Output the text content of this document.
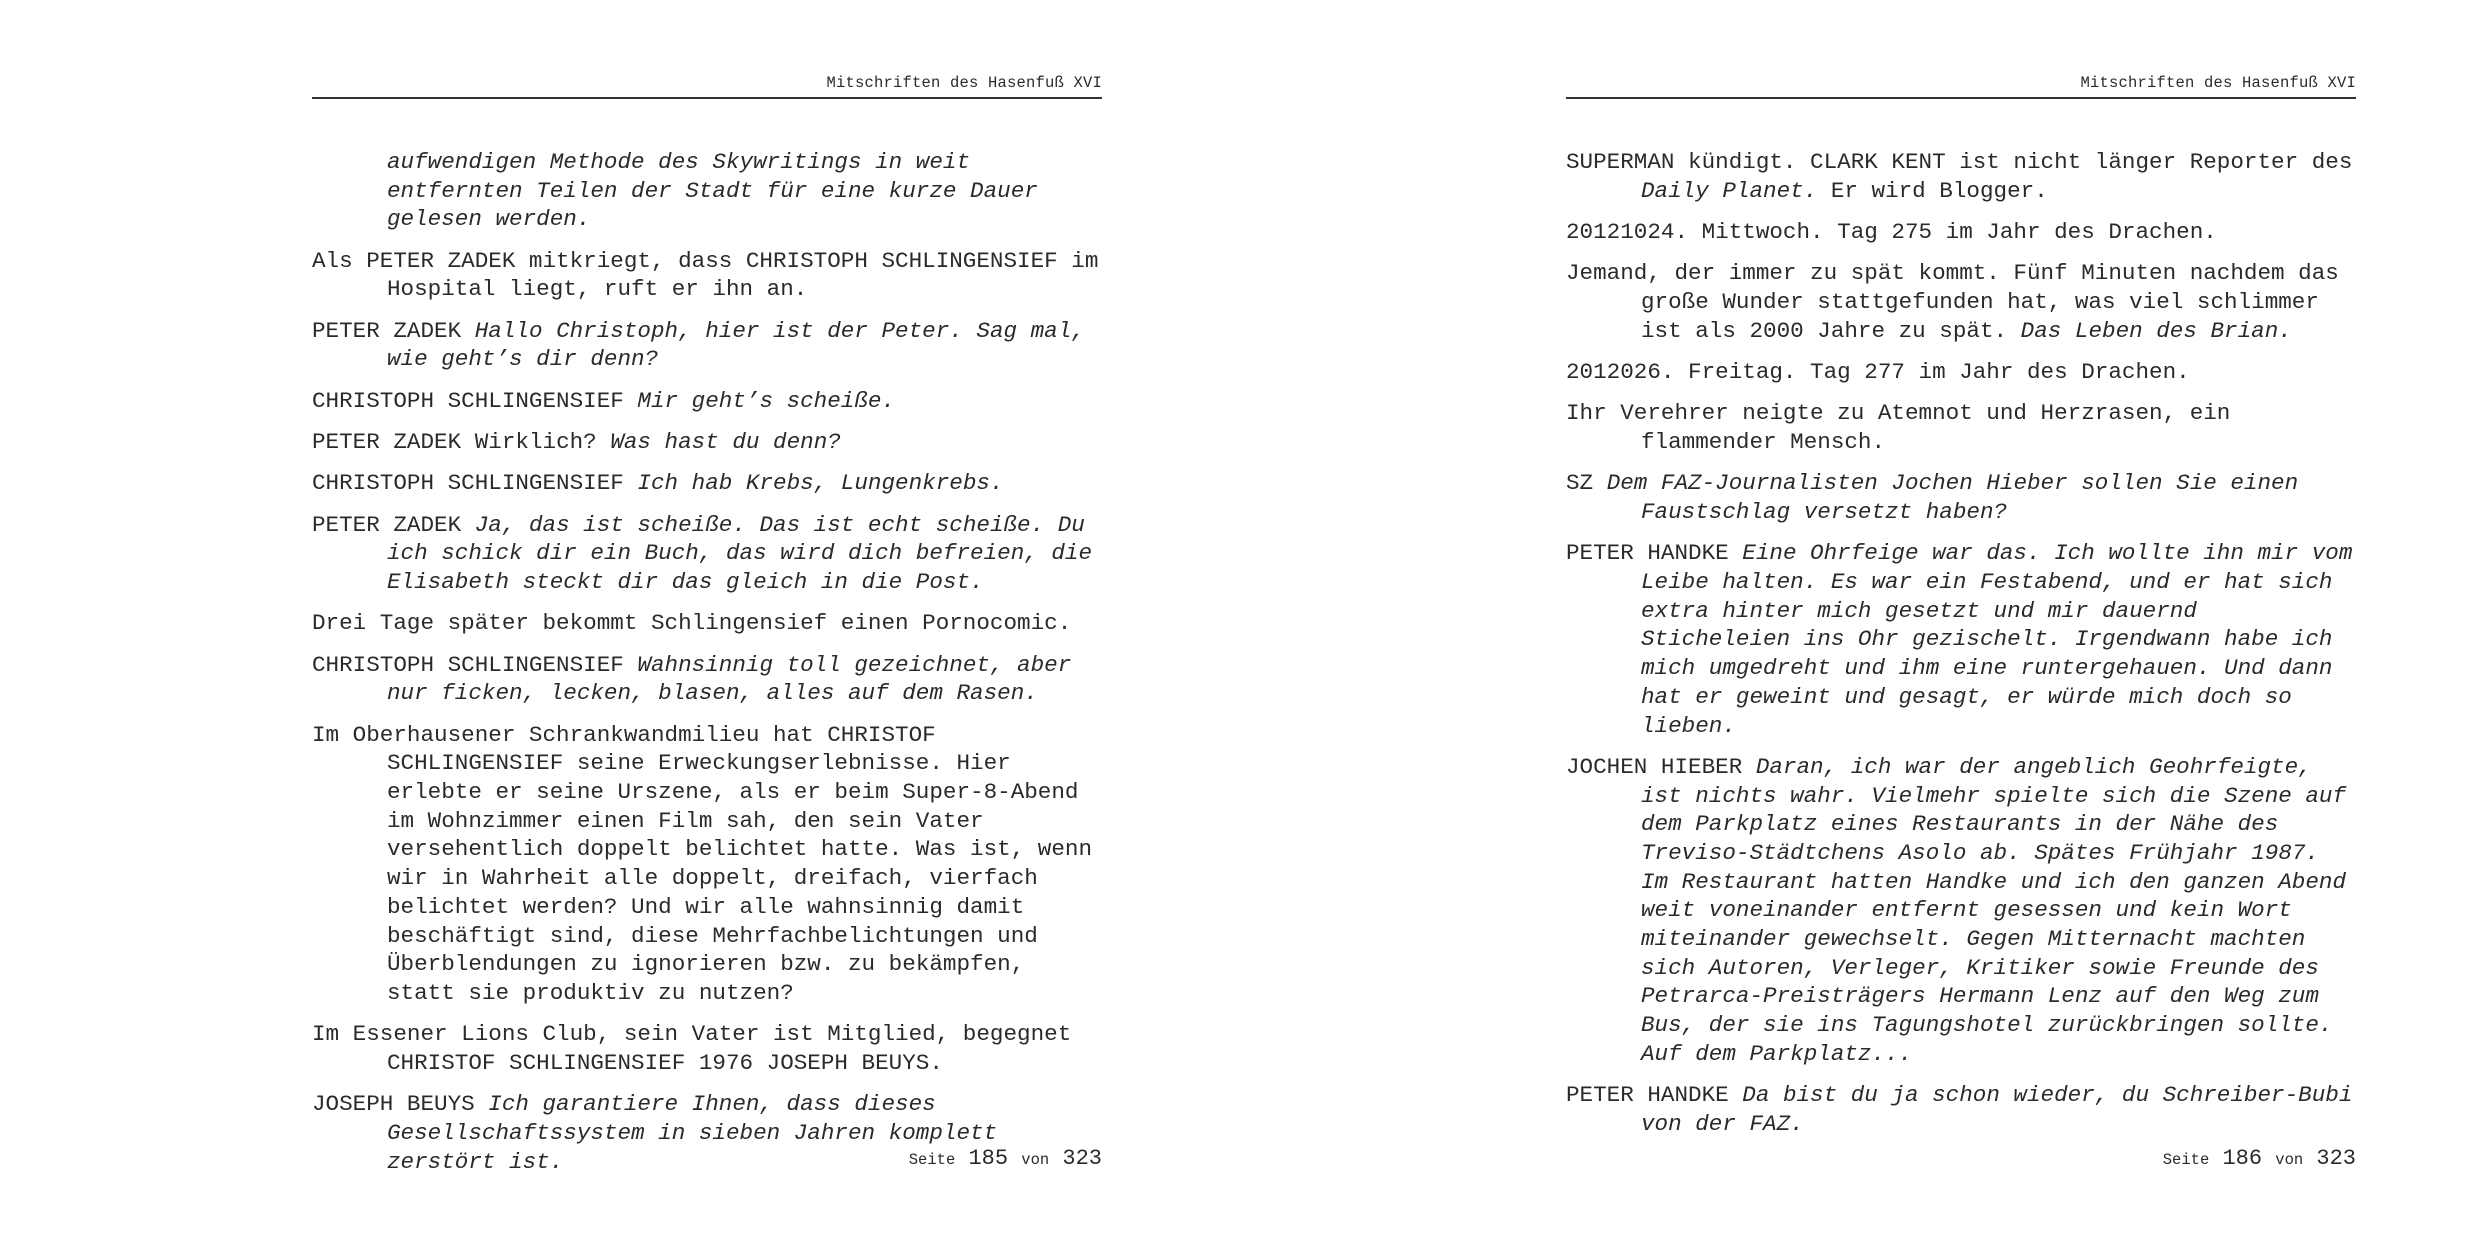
Mitschriften des Hasenfuß XVI

aufwendigen Methode des Skywritings in weit entfernten Teilen der Stadt für eine kurze Dauer gelesen werden.

Als PETER ZADEK mitkriegt, dass CHRISTOPH SCHLINGENSIEF im Hospital liegt, ruft er ihn an.

PETER ZADEK Hallo Christoph, hier ist der Peter. Sag mal, wie geht’s dir denn?

CHRISTOPH SCHLINGENSIEF Mir geht’s scheiße.

PETER ZADEK Wirklich? Was hast du denn?

CHRISTOPH SCHLINGENSIEF Ich hab Krebs, Lungenkrebs.

PETER ZADEK Ja, das ist scheiße. Das ist echt scheiße. Du ich schick dir ein Buch, das wird dich befreien, die Elisabeth steckt dir das gleich in die Post.

Drei Tage später bekommt Schlingensief einen Pornocomic.

CHRISTOPH SCHLINGENSIEF Wahnsinnig toll gezeichnet, aber nur ficken, lecken, blasen, alles auf dem Rasen.

Im Oberhausener Schrankwandmilieu hat CHRISTOF SCHLINGENSIEF seine Erweckungserlebnisse. Hier erlebte er seine Urszene, als er beim Super-8-Abend im Wohnzimmer einen Film sah, den sein Vater versehentlich doppelt belichtet hatte. Was ist, wenn wir in Wahrheit alle doppelt, dreifach, vierfach belichtet werden? Und wir alle wahnsinnig damit beschäftigt sind, diese Mehrfachbelichtungen und Überblendungen zu ignorieren bzw. zu bekämpfen, statt sie produktiv zu nutzen?

Im Essener Lions Club, sein Vater ist Mitglied, begegnet CHRISTOF SCHLINGENSIEF 1976 JOSEPH BEUYS.

JOSEPH BEUYS Ich garantiere Ihnen, dass dieses Gesellschaftssystem in sieben Jahren komplett zerstört ist.	Seite 185 von 323
Mitschriften des Hasenfuß XVI

SUPERMAN kündigt. CLARK KENT ist nicht länger Reporter des Daily Planet. Er wird Blogger.

20121024. Mittwoch. Tag 275 im Jahr des Drachen.

Jemand, der immer zu spät kommt. Fünf Minuten nachdem das große Wunder stattgefunden hat, was viel schlimmer ist als 2000 Jahre zu spät. Das Leben des Brian.

2012026. Freitag. Tag 277 im Jahr des Drachen.

Ihr Verehrer neigte zu Atemnot und Herzrasen, ein flammender Mensch.

SZ Dem FAZ-Journalisten Jochen Hieber sollen Sie einen Faustschlag versetzt haben?

PETER HANDKE Eine Ohrfeige war das. Ich wollte ihn mir vom Leibe halten. Es war ein Festabend, und er hat sich extra hinter mich gesetzt und mir dauernd Sticheleien ins Ohr gezischelt. Irgendwann habe ich mich umgedreht und ihm eine runtergehauen. Und dann hat er geweint und gesagt, er würde mich doch so lieben.

JOCHEN HIEBER Daran, ich war der angeblich Geohrfeigte, ist nichts wahr. Vielmehr spielte sich die Szene auf dem Parkplatz eines Restaurants in der Nähe des Treviso-Städtchens Asolo ab. Spätes Frühjahr 1987. Im Restaurant hatten Handke und ich den ganzen Abend weit voneinander entfernt gesessen und kein Wort miteinander gewechselt. Gegen Mitternacht machten sich Autoren, Verleger, Kritiker sowie Freunde des Petrarca-Preisträgers Hermann Lenz auf den Weg zum Bus, der sie ins Tagungshotel zurückbringen sollte. Auf dem Parkplatz...

PETER HANDKE Da bist du ja schon wieder, du Schreiber-Bubi von der FAZ.

Seite 186 von 323
